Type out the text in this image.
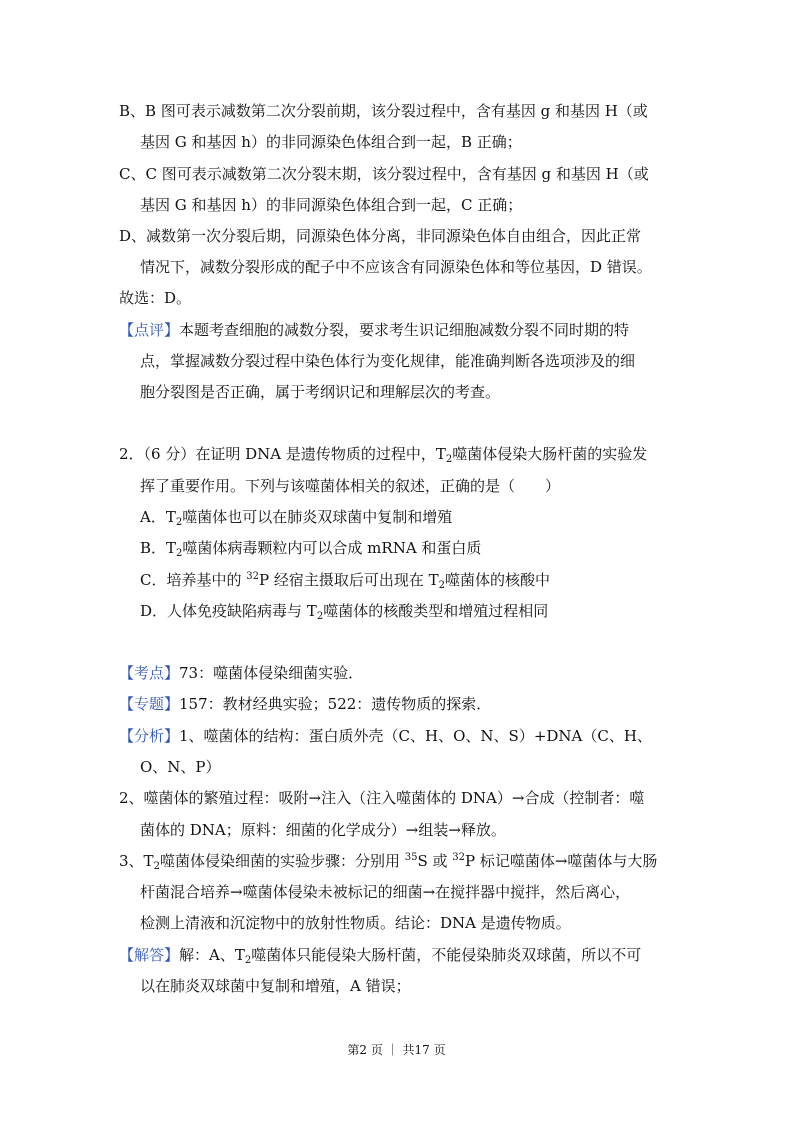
B、B 图可表示减数第二次分裂前期，该分裂过程中，含有基因 g 和基因 H（或
基因 G 和基因 h）的非同源染色体组合到一起，B 正确；
C、C 图可表示减数第二次分裂末期，该分裂过程中，含有基因 g 和基因 H（或
基因 G 和基因 h）的非同源染色体组合到一起，C 正确；
D、减数第一次分裂后期，同源染色体分离，非同源染色体自由组合，因此正常
情况下，减数分裂形成的配子中不应该含有同源染色体和等位基因，D 错误。
故选：D。
【点评】本题考查细胞的减数分裂，要求考生识记细胞减数分裂不同时期的特
点，掌握减数分裂过程中染色体行为变化规律，能准确判断各选项涉及的细
胞分裂图是否正确，属于考纲识记和理解层次的考查。
2．（6 分）在证明 DNA 是遗传物质的过程中，$T_2$噬菌体侵染大肠杆菌的实验发
挥了重要作用。下列与该噬菌体相关的叙述，正确的是（　　）
A．$T_2$噬菌体也可以在肺炎双球菌中复制和增殖
B．$T_2$噬菌体病毒颗粒内可以合成 mRNA 和蛋白质
C．培养基中的 $^{32}$P 经宿主摄取后可出现在 $T_2$噬菌体的核酸中
D．人体免疫缺陷病毒与 $T_2$噬菌体的核酸类型和增殖过程相同
【考点】73：噬菌体侵染细菌实验．
【专题】157：教材经典实验；522：遗传物质的探索．
【分析】1、噬菌体的结构：蛋白质外壳（C、H、O、N、S）+DNA（C、H、
O、N、P）
2、噬菌体的繁殖过程：吸附→注入（注入噬菌体的 DNA）→合成（控制者：噬
菌体的 DNA；原料：细菌的化学成分）→组装→释放。
3、$T_2$噬菌体侵染细菌的实验步骤：分别用 $^{35}$S 或 $^{32}$P 标记噬菌体→噬菌体与大肠
杆菌混合培养→噬菌体侵染未被标记的细菌→在搅拌器中搅拌，然后离心，
检测上清液和沉淀物中的放射性物质。结论：DNA 是遗传物质。
【解答】解：A、$T_2$噬菌体只能侵染大肠杆菌，不能侵染肺炎双球菌，所以不可
以在肺炎双球菌中复制和增殖，A 错误；
第2 页 ｜ 共17 页
